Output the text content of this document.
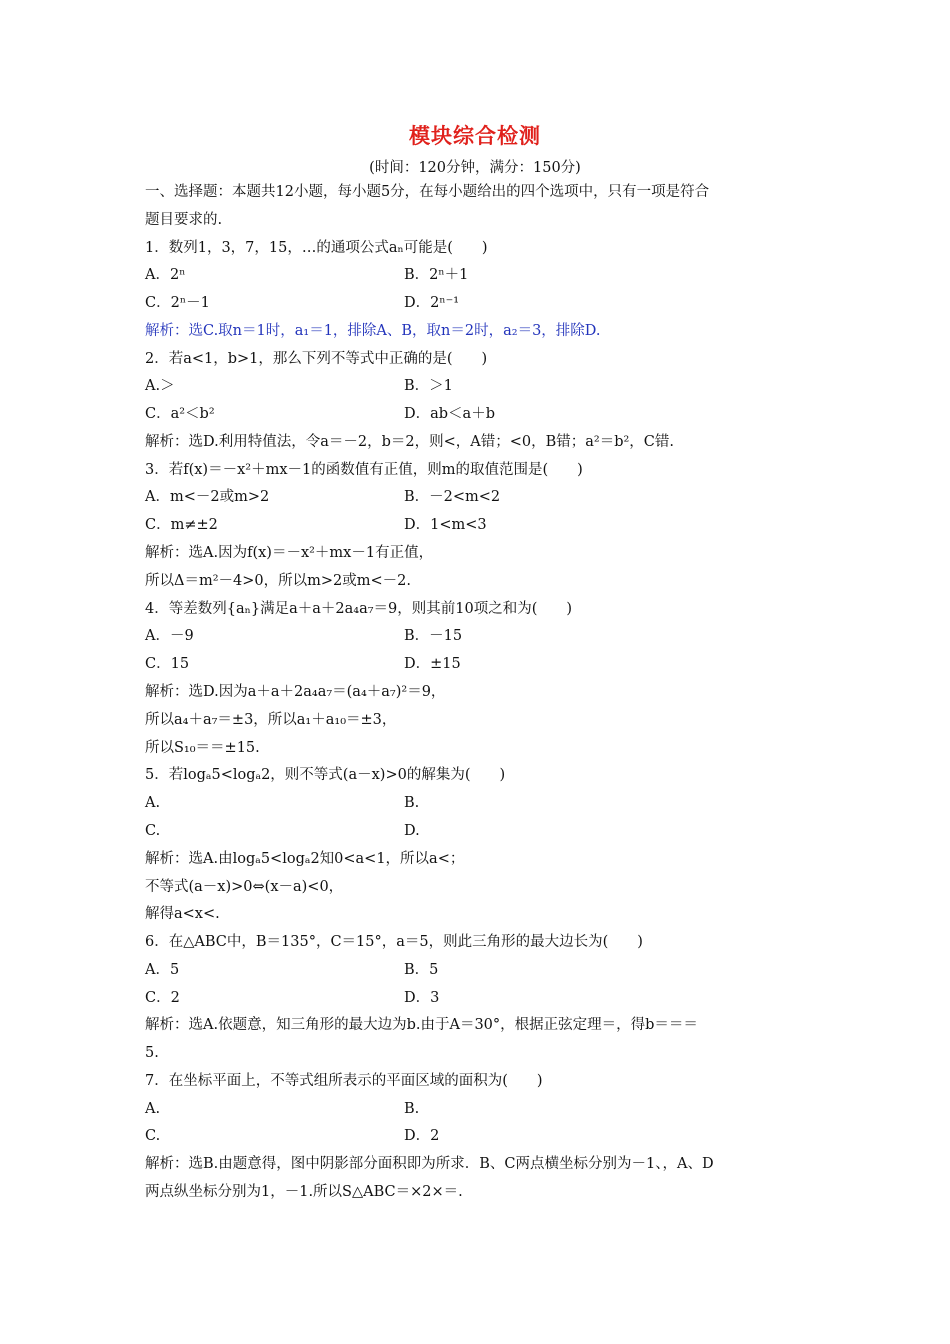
模块综合检测
(时间：120分钟，满分：150分)
一、选择题：本题共12小题，每小题5分，在每小题给出的四个选项中，只有一项是符合
题目要求的.
1．数列1，3，7，15，…的通项公式aₙ可能是(　　)
A．2ⁿ	B．2ⁿ＋1
C．2ⁿ－1	D．2ⁿ⁻¹
解析：选C.取n＝1时，a₁＝1，排除A、B，取n＝2时，a₂＝3，排除D.
2．若a<1，b>1，那么下列不等式中正确的是(　　)
A.＞	B．＞1
C．a²＜b²	D．ab＜a＋b
解析：选D.利用特值法，令a＝－2，b＝2，则<，A错；<0，B错；a²＝b²，C错.
3．若f(x)＝－x²＋mx－1的函数值有正值，则m的取值范围是(　　)
A．m<－2或m>2	B．－2<m<2
C．m≠±2	D．1<m<3
解析：选A.因为f(x)＝－x²＋mx－1有正值，
所以Δ＝m²－4>0，所以m>2或m<－2.
4．等差数列{aₙ}满足a＋a＋2a₄a₇＝9，则其前10项之和为(　　)
A．－9	B．－15
C．15	D．±15
解析：选D.因为a＋a＋2a₄a₇＝(a₄＋a₇)²＝9，
所以a₄＋a₇＝±3，所以a₁＋a₁₀＝±3，
所以S₁₀＝＝±15.
5．若logₐ5<logₐ2，则不等式(a－x)>0的解集为(　　)
A.	B.
C.	D.
解析：选A.由logₐ5<logₐ2知0<a<1，所以a<；
不等式(a－x)>0⇔(x－a)<0，
解得a<x<.
6．在△ABC中，B＝135°，C＝15°，a＝5，则此三角形的最大边长为(　　)
A．5	B．5
C．2	D．3
解析：选A.依题意，知三角形的最大边为b.由于A＝30°，根据正弦定理＝，得b＝＝＝
5.
7．在坐标平面上，不等式组所表示的平面区域的面积为(　　)
A.	B.
C.	D．2
解析：选B.由题意得，图中阴影部分面积即为所求．B、C两点横坐标分别为－1、，A、D
两点纵坐标分别为1，－1.所以S△ABC＝×2×＝.
